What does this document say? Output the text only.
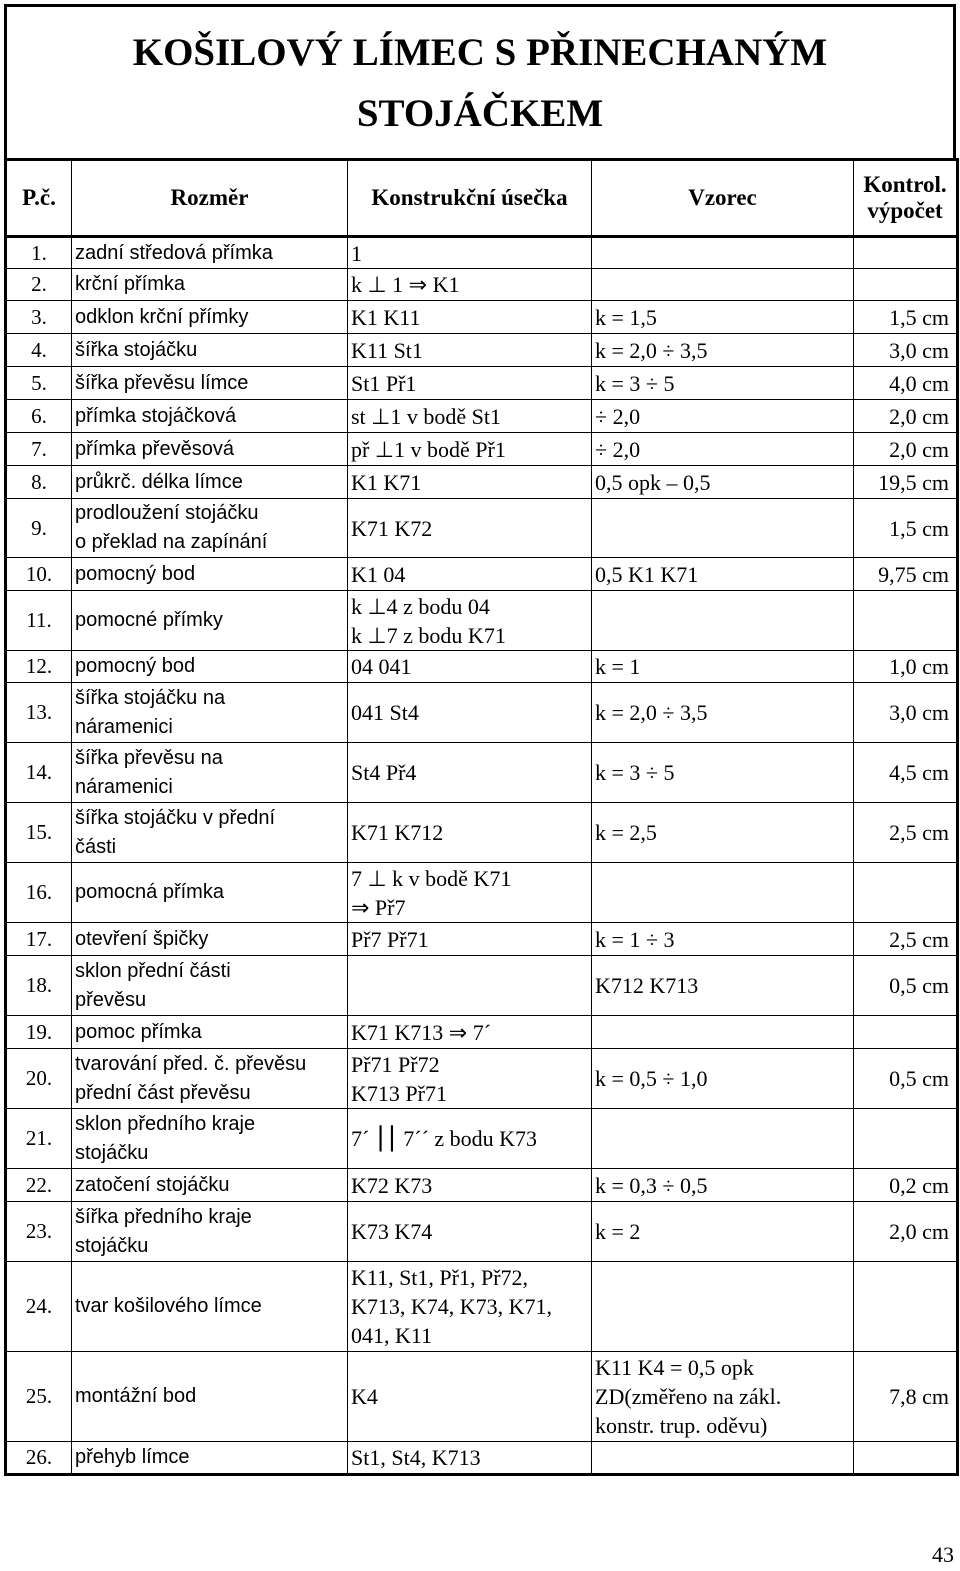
KOŠILOVÝ LÍMEC S PŘINECHANÝM
STOJÁČKEM
P.č.	Rozměr	Konstrukční úsečka	Vzorec	Kontrol. výpočet
1.	zadní středová přímka	1		
2.	krční přímka	k ⊥ 1 ⇒ K1		
3.	odklon krční přímky	K1 K11	k = 1,5	1,5 cm
4.	šířka stojáčku	K11 St1	k = 2,0 ÷ 3,5	3,0 cm
5.	šířka převěsu límce	St1 Př1	k = 3 ÷ 5	4,0 cm
6.	přímka stojáčková	st ⊥1 v bodě St1	÷ 2,0	2,0 cm
7.	přímka převěsová	př ⊥1 v bodě Př1	÷ 2,0	2,0 cm
8.	průkrč. délka límce	K1 K71	0,5 opk – 0,5	19,5 cm
9.	prodloužení stojáčku
o překlad na zapínání	K71 K72		1,5 cm
10.	pomocný bod	K1 04	0,5 K1 K71	9,75 cm
11.	pomocné přímky	k ⊥4 z bodu 04
k ⊥7 z bodu K71		
12.	pomocný bod	04 041	k = 1	1,0 cm
13.	šířka stojáčku na
náramenici	041 St4	k = 2,0 ÷ 3,5	3,0 cm
14.	šířka převěsu na
náramenici	St4 Př4	k = 3 ÷ 5	4,5 cm
15.	šířka stojáčku v přední
části	K71 K712	k = 2,5	2,5 cm
16.	pomocná přímka	7 ⊥ k v bodě K71
⇒ Př7		
17.	otevření špičky	Př7 Př71	k = 1 ÷ 3	2,5 cm
18.	sklon přední části
převěsu		K712 K713	0,5 cm
19.	pomoc přímka	K71 K713 ⇒ 7´		
20.	tvarování před. č. převěsu
přední část převěsu	Př71 Př72
K713 Př71	k = 0,5 ÷ 1,0	0,5 cm
21.	sklon předního kraje
stojáčku	7´ ⎮⎮ 7´´ z bodu K73		
22.	zatočení stojáčku	K72 K73	k = 0,3 ÷ 0,5	0,2 cm
23.	šířka předního kraje
stojáčku	K73 K74	k = 2	2,0 cm
24.	tvar košilového límce	K11, St1, Př1, Př72,
K713, K74, K73, K71,
041, K11		
25.	montážní bod	K4	K11 K4 = 0,5 opk
ZD(změřeno na zákl.
konstr. trup. oděvu)	7,8 cm
26.	přehyb límce	St1, St4, K713		
43
